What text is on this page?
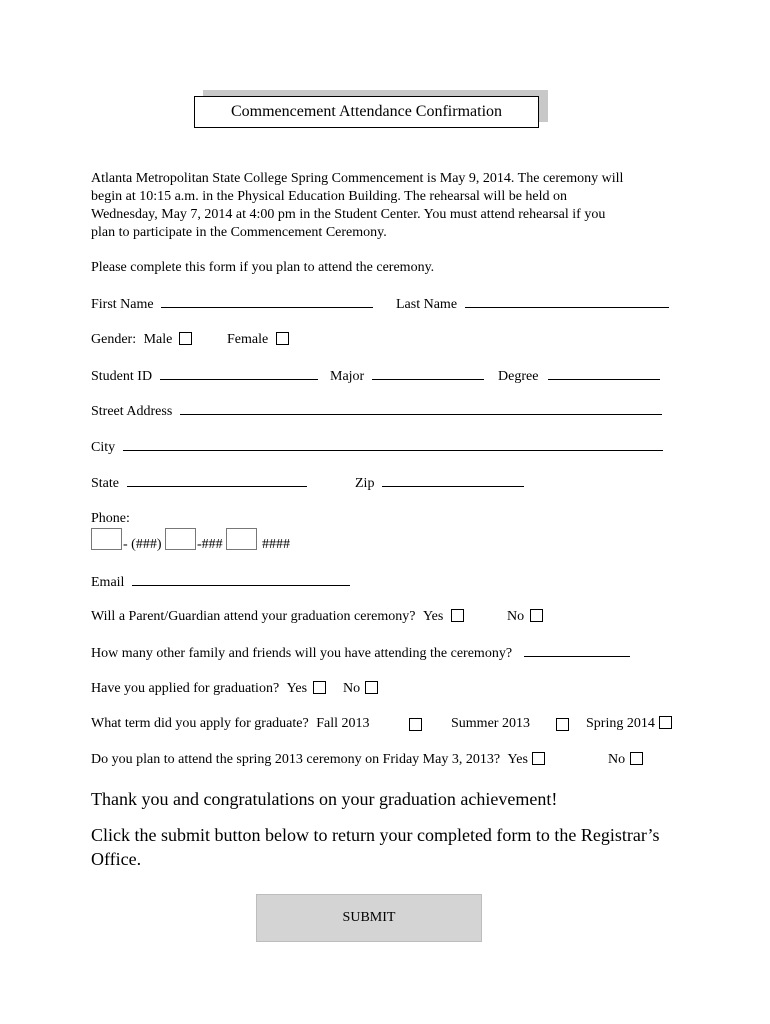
Commencement Attendance Confirmation

Atlanta Metropolitan State College Spring Commencement is May 9, 2014. The ceremony will

begin at 10:15 a.m. in the Physical Education Building. The rehearsal will be held on

Wednesday, May 7, 2014 at 4:00 pm in the Student Center. You must attend rehearsal if you

plan to participate in the Commencement Ceremony.

Please complete this form if you plan to attend the ceremony.
First Name	Last Name
Gender: Male	Female
Student ID	Major	Degree
Street Address
City
State	Zip
Phone:
- (###)	-###	####
Email
Will a Parent/Guardian attend your graduation ceremony? Yes	No
How many other family and friends will you have attending the ceremony?
Have you applied for graduation? Yes	No
What term did you apply for graduate? Fall 2013	Summer 2013	Spring 2014
Do you plan to attend the spring 2013 ceremony on Friday May 3, 2013? Yes	No
Thank you and congratulations on your graduation achievement!
Click the submit button below to return your completed form to the Registrar’s
Office.
SUBMIT
